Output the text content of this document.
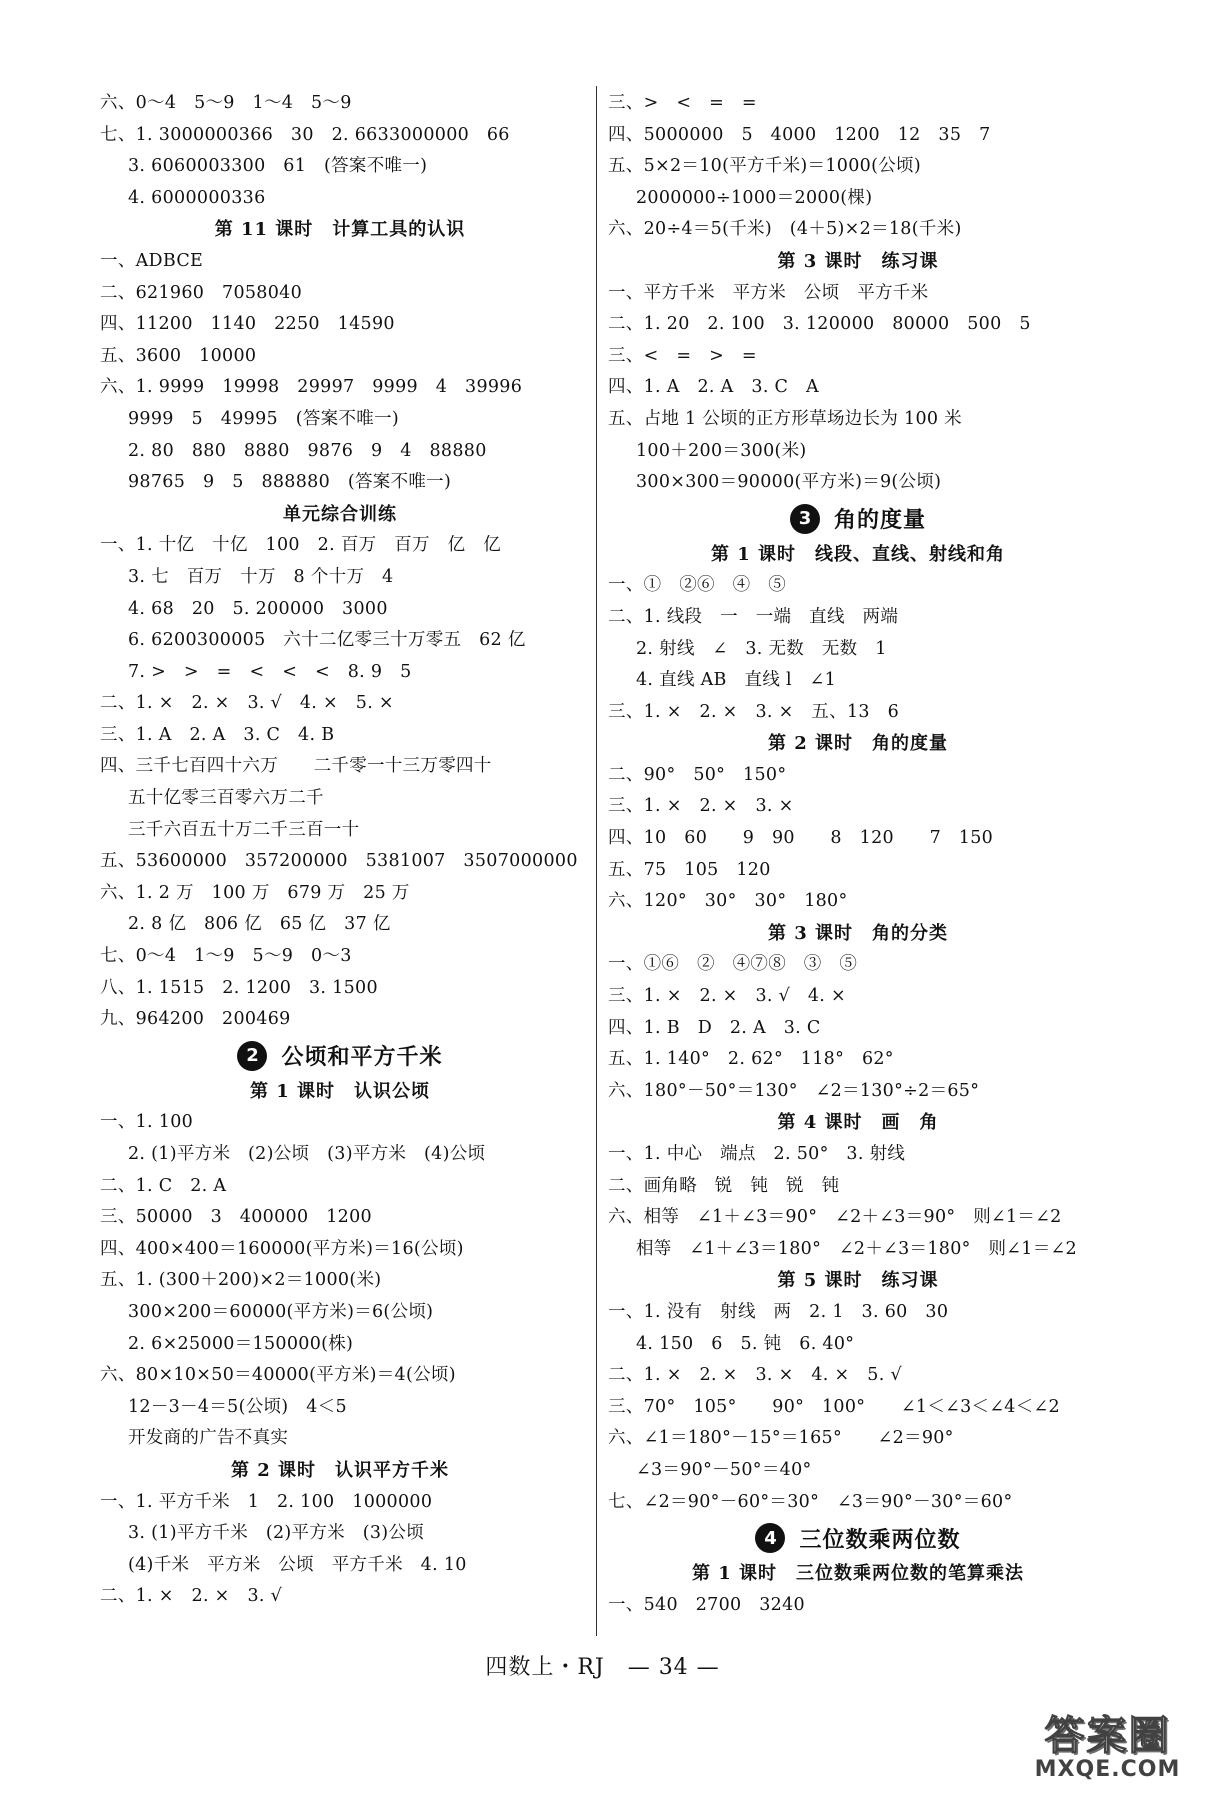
六、0～4　5～9　1～4　5～9
七、1. 3000000366　30　2. 6633000000　66
3. 6060003300　61　(答案不唯一)
4. 6000000336
第 11 课时　计算工具的认识
一、ADBCE
二、621960　7058040
四、11200　1140　2250　14590
五、3600　10000
六、1. 9999　19998　29997　9999　4　39996
9999　5　49995　(答案不唯一)
2. 80　880　8880　9876　9　4　88880
98765　9　5　888880　(答案不唯一)
单元综合训练
一、1. 十亿　十亿　100　2. 百万　百万　亿　亿
3. 七　百万　十万　8 个十万　4
4. 68　20　5. 200000　3000
6. 6200300005　六十二亿零三十万零五　62 亿
7. >　>　=　<　<　<　8. 9　5
二、1. ×　2. ×　3. √　4. ×　5. ×
三、1. A　2. A　3. C　4. B
四、三千七百四十六万　　二千零一十三万零四十
五十亿零三百零六万二千
三千六百五十万二千三百一十
五、53600000　357200000　5381007　3507000000
六、1. 2 万　100 万　679 万　25 万
2. 8 亿　806 亿　65 亿　37 亿
七、0～4　1～9　5～9　0～3
八、1. 1515　2. 1200　3. 1500
九、964200　200469
2	公顷和平方千米
第 1 课时　认识公顷
一、1. 100
2. (1)平方米　(2)公顷　(3)平方米　(4)公顷
二、1. C　2. A
三、50000　3　400000　1200
四、400×400＝160000(平方米)＝16(公顷)
五、1. (300＋200)×2＝1000(米)
300×200＝60000(平方米)＝6(公顷)
2. 6×25000＝150000(株)
六、80×10×50＝40000(平方米)＝4(公顷)
12－3－4＝5(公顷)　4＜5
开发商的广告不真实
第 2 课时　认识平方千米
一、1. 平方千米　1　2. 100　1000000
3. (1)平方千米　(2)平方米　(3)公顷
(4)千米　平方米　公顷　平方千米　4. 10
二、1. ×　2. ×　3. √
三、>　<　=　=
四、5000000　5　4000　1200　12　35　7
五、5×2＝10(平方千米)＝1000(公顷)
2000000÷1000＝2000(棵)
六、20÷4＝5(千米)　(4＋5)×2＝18(千米)
第 3 课时　练习课
一、平方千米　平方米　公顷　平方千米
二、1. 20　2. 100　3. 120000　80000　500　5
三、<　=　>　=
四、1. A　2. A　3. C　A
五、占地 1 公顷的正方形草场边长为 100 米
100＋200＝300(米)
300×300＝90000(平方米)＝9(公顷)
3	角的度量
第 1 课时　线段、直线、射线和角
一、①　②⑥　④　⑤
二、1. 线段　一　一端　直线　两端
2. 射线　∠　3. 无数　无数　1
4. 直线 AB　直线 l　∠1
三、1. ×　2. ×　3. ×　五、13　6
第 2 课时　角的度量
二、90°　50°　150°
三、1. ×　2. ×　3. ×
四、10　60　　9　90　　8　120　　7　150
五、75　105　120
六、120°　30°　30°　180°
第 3 课时　角的分类
一、①⑥　②　④⑦⑧　③　⑤
三、1. ×　2. ×　3. √　4. ×
四、1. B　D　2. A　3. C
五、1. 140°　2. 62°　118°　62°
六、180°－50°＝130°　∠2＝130°÷2＝65°
第 4 课时　画　角
一、1. 中心　端点　2. 50°　3. 射线
二、画角略　锐　钝　锐　钝
六、相等　∠1＋∠3＝90°　∠2＋∠3＝90°　则∠1＝∠2
相等　∠1＋∠3＝180°　∠2＋∠3＝180°　则∠1＝∠2
第 5 课时　练习课
一、1. 没有　射线　两　2. 1　3. 60　30
4. 150　6　5. 钝　6. 40°
二、1. ×　2. ×　3. ×　4. ×　5. √
三、70°　105°　　90°　100°　　∠1＜∠3＜∠4＜∠2
六、∠1＝180°－15°＝165°　　∠2＝90°
∠3＝90°－50°＝40°
七、∠2＝90°－60°＝30°　∠3＝90°－30°＝60°
4	三位数乘两位数
第 1 课时　三位数乘两位数的笔算乘法
一、540　2700　3240
四数上・RJ　— 34 —
答案圈
MXQE.COM
